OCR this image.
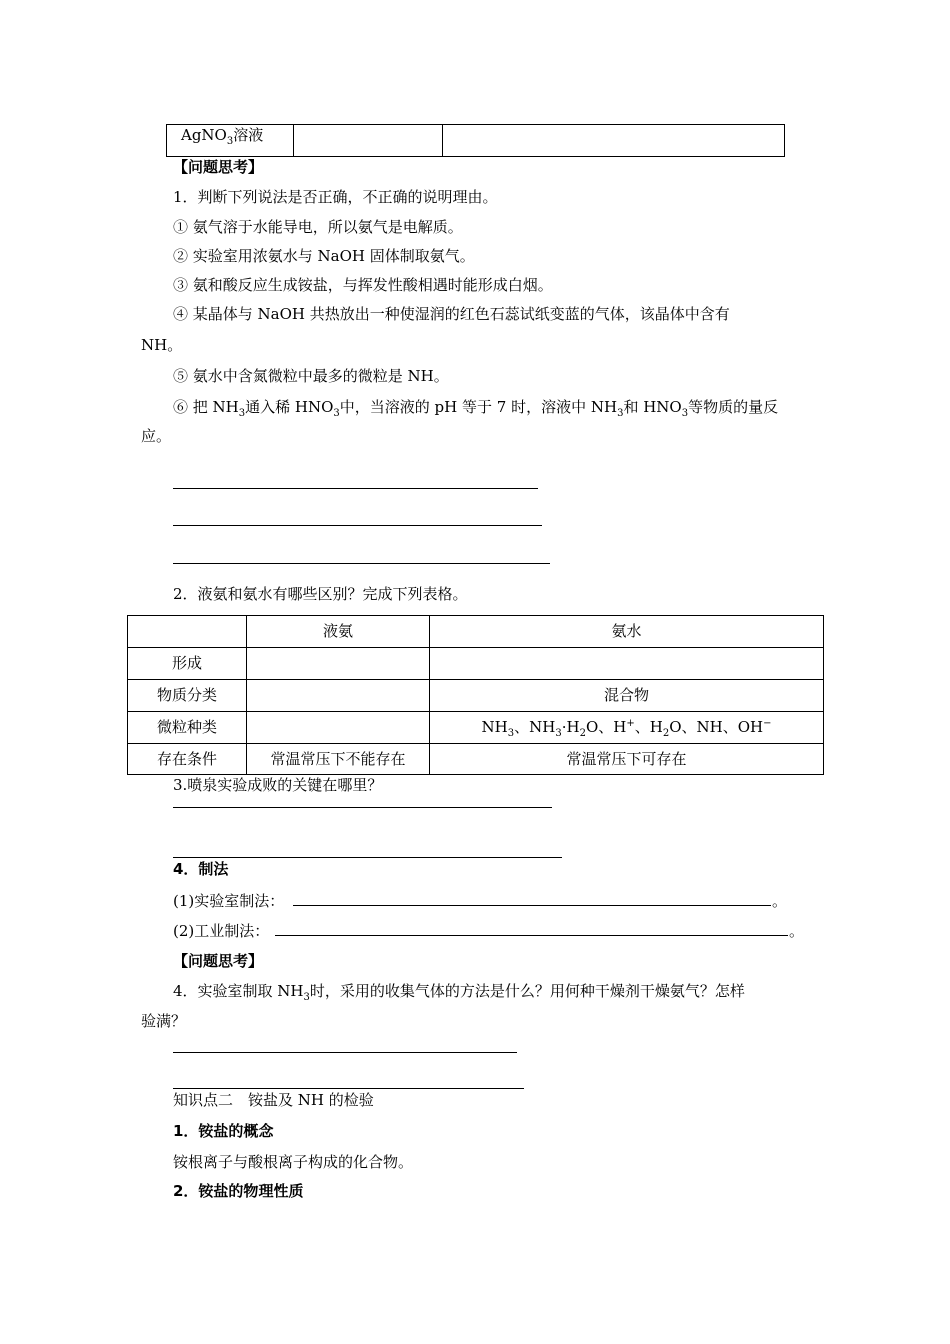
AgNO$_3$溶液		
【问题思考】
1．判断下列说法是否正确，不正确的说明理由。
① 氨气溶于水能导电，所以氨气是电解质。
② 实验室用浓氨水与 NaOH 固体制取氨气。
③ 氨和酸反应生成铵盐，与挥发性酸相遇时能形成白烟。
④ 某晶体与 NaOH 共热放出一种使湿润的红色石蕊试纸变蓝的气体，该晶体中含有
NH。
⑤ 氨水中含氮微粒中最多的微粒是 NH。
⑥ 把 $NH_3$通入稀 $HNO_3$中，当溶液的 pH 等于 7 时，溶液中 $NH_3$和 $HNO_3$等物质的量反
应。
2．液氨和氨水有哪些区别？完成下列表格。
	液氨	氨水
形成		
物质分类		混合物
微粒种类		$NH_3$、$NH_3\cdot H_2O$、H+、$H_2O$、NH、OH−
存在条件	常温常压下不能存在	常温常压下可存在
3.喷泉实验成败的关键在哪里？
4．制法
(1)实验室制法：	。
(2)工业制法：	。
【问题思考】
4．实验室制取 $NH_3$时，采用的收集气体的方法是什么？用何种干燥剂干燥氨气？怎样
验满？
知识点二　铵盐及 NH 的检验
1．铵盐的概念
铵根离子与酸根离子构成的化合物。
2．铵盐的物理性质
